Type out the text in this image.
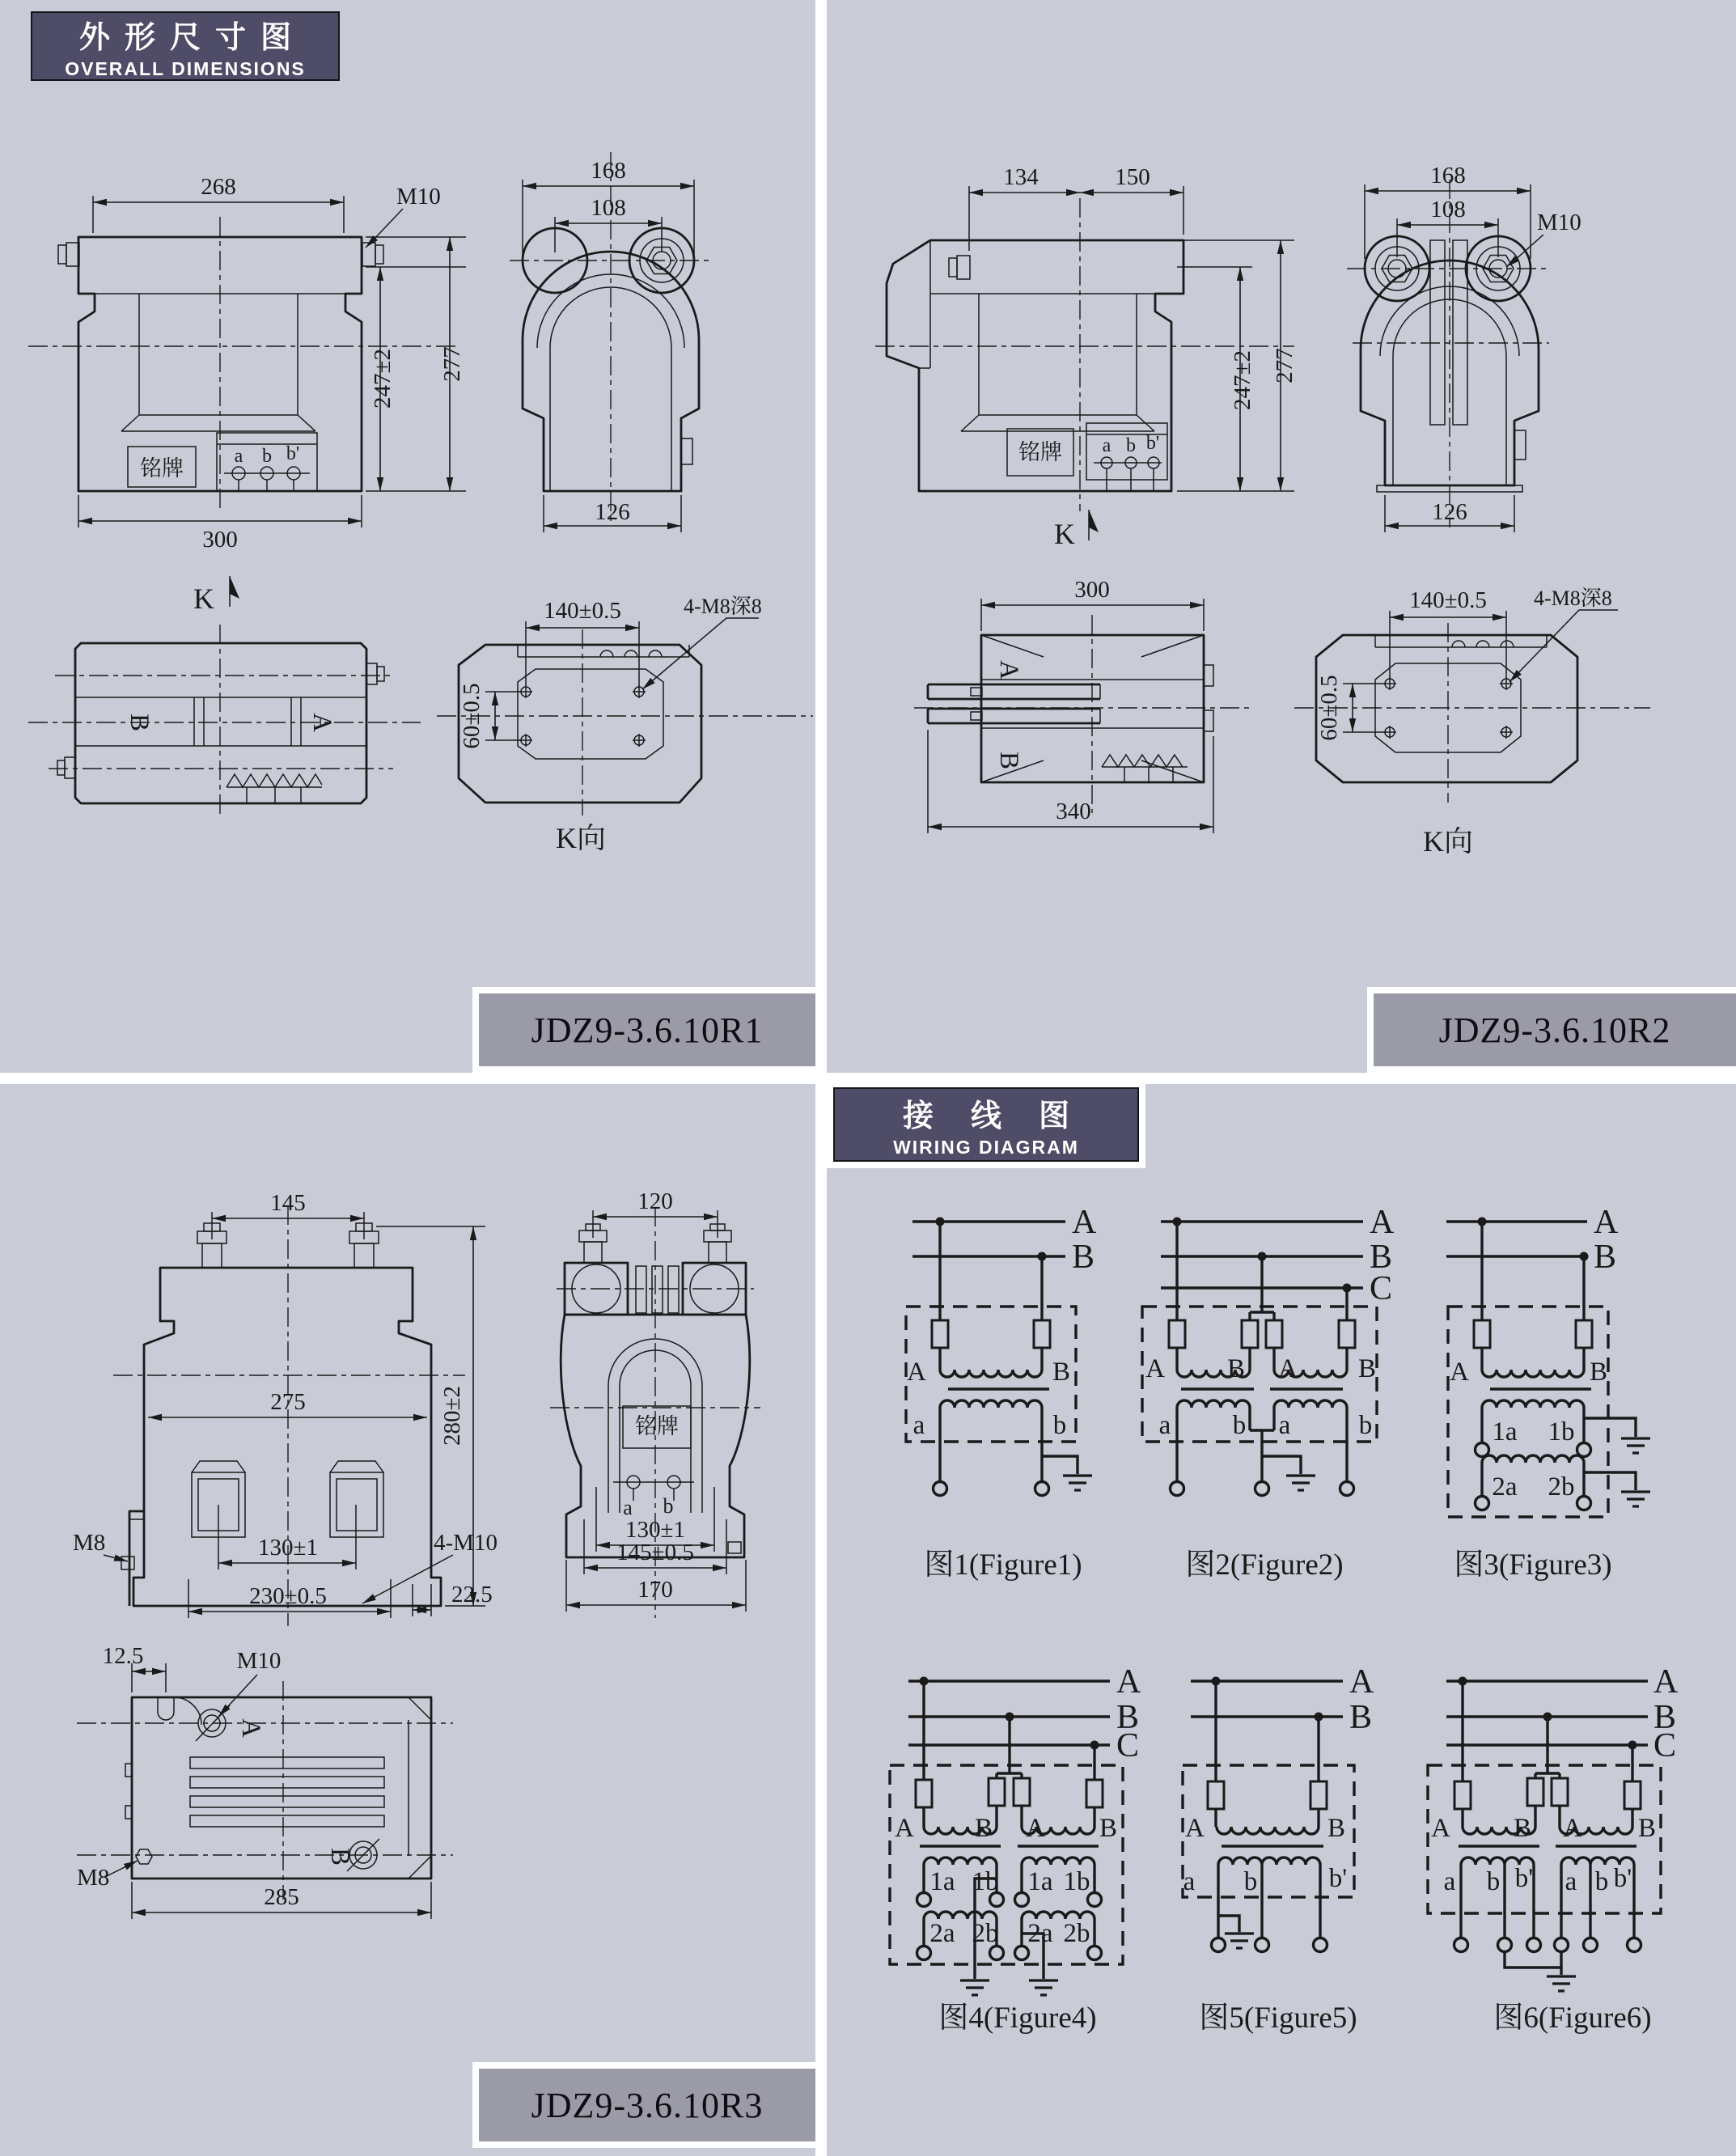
铭牌	a b b'
268	M10
247±2 277
300
K
168
108
126
B	A
140±0.5
60±0.5
4-M8深8
K向
铭牌 a b b'
134	150
247±2 277
K
168
108	M10
126
A
B
300
340
140±0.5
60±0.5
4-M8深8
K向
275
145
280±2
130±1
230±0.5
4-M10
22.5
M8
铭牌
a b
120
130±1
145±0.5
170
A
B
12.5	M10
M8
285
A
B
A	B
a	b
图1(Figure1)
A
B
C
A B A B
a b a	b
图2(Figure2)
A
B
A	B
1a 1b
2a 2b
图3(Figure3)
A
B
C
A B A B
1a 1b 1a 1b
2a 2b 2a 2b
图4(Figure4)
A
B
A	B
a b	b'
图5(Figure5)
A
B
C
A B A B
a b b' a b b'
图6(Figure6)
外形尺寸图
OVERALL DIMENSIONS
接线图
WIRING DIAGRAM
JDZ9-3.6.10R1	JDZ9-3.6.10R2
JDZ9-3.6.10R3
